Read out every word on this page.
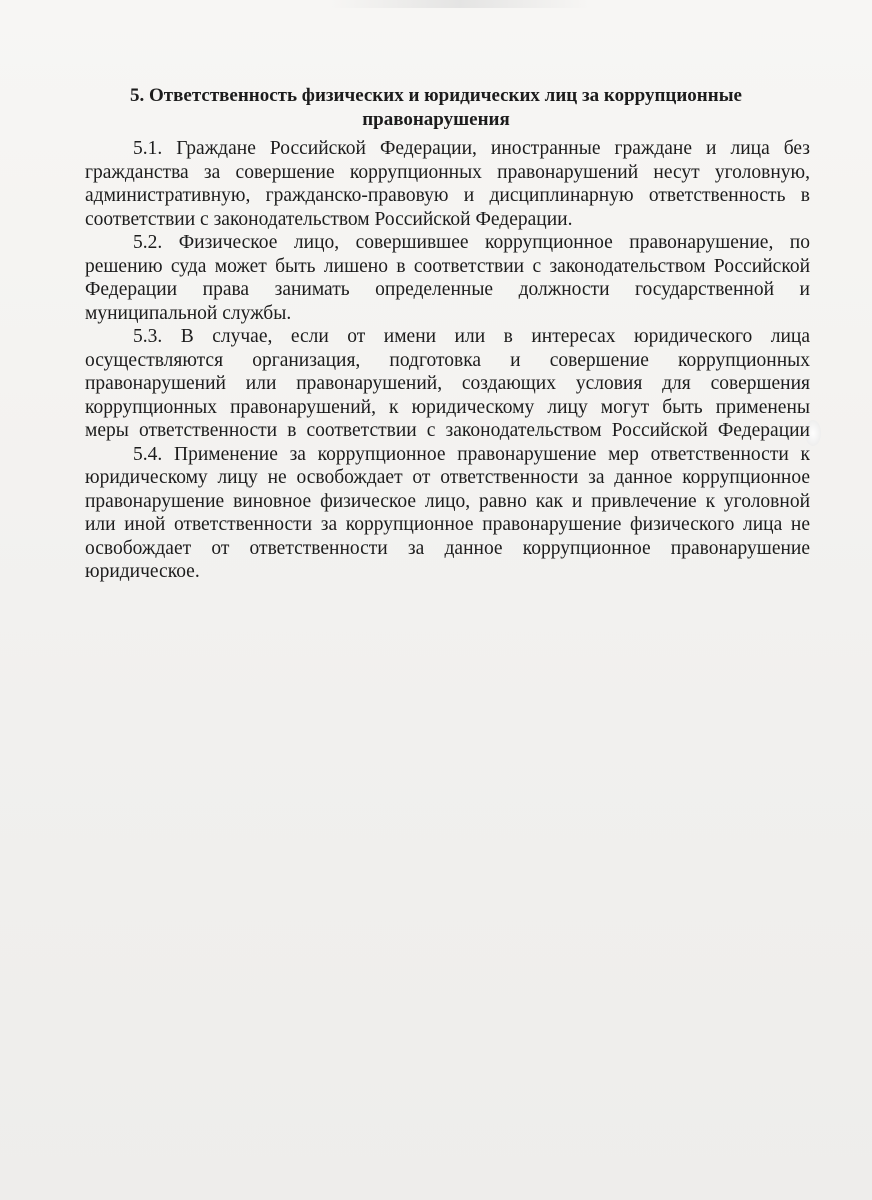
5. Ответственность физических и юридических лиц за коррупционные
правонарушения
5.1. Граждане Российской Федерации, иностранные граждане и лица без
гражданства за совершение коррупционных правонарушений несут уголовную,
административную, гражданско-правовую и дисциплинарную ответственность в
соответствии с законодательством Российской Федерации.
5.2. Физическое лицо, совершившее коррупционное правонарушение, по
решению суда может быть лишено в соответствии с законодательством Российской
Федерации права занимать определенные должности государственной и
муниципальной службы.
5.3. В случае, если от имени или в интересах юридического лица
осуществляются организация, подготовка и совершение коррупционных
правонарушений или правонарушений, создающих условия для совершения
коррупционных правонарушений, к юридическому лицу могут быть применены
меры ответственности в соответствии с законодательством Российской Федерации
5.4. Применение за коррупционное правонарушение мер ответственности к
юридическому лицу не освобождает от ответственности за данное коррупционное
правонарушение виновное физическое лицо, равно как и привлечение к уголовной
или иной ответственности за коррупционное правонарушение физического лица не
освобождает от ответственности за данное коррупционное правонарушение
юридическое.
